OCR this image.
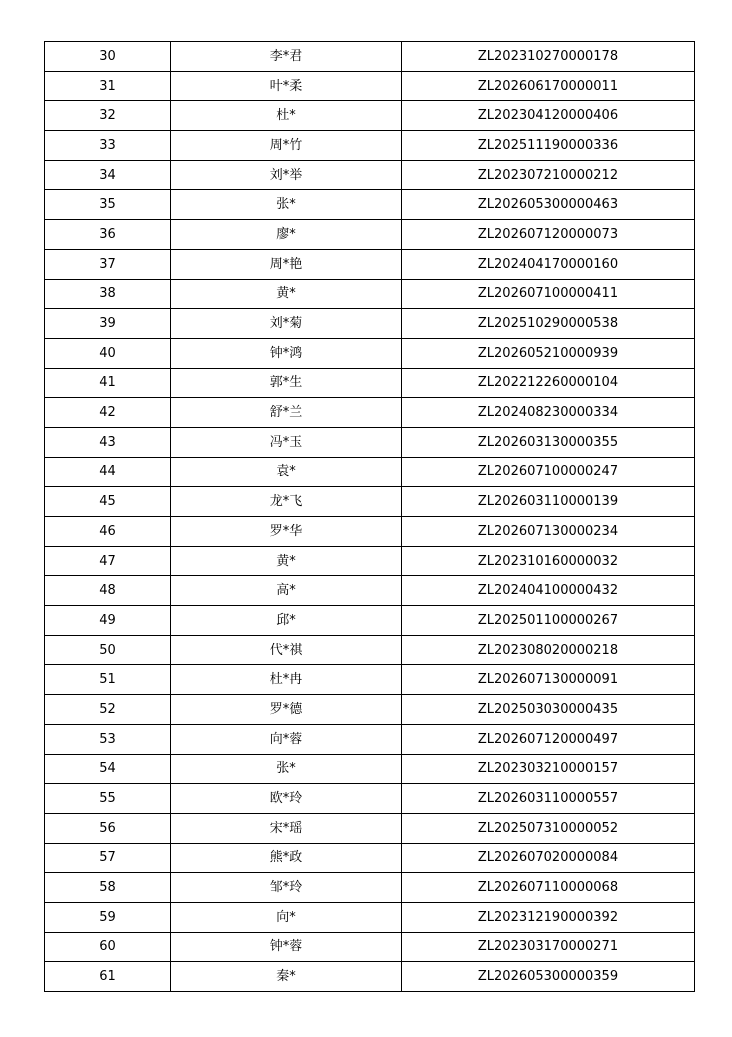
30	李*君	ZL202310270000178
31	叶*柔	ZL202606170000011
32	杜*	ZL202304120000406
33	周*竹	ZL202511190000336
34	刘*举	ZL202307210000212
35	张*	ZL202605300000463
36	廖*	ZL202607120000073
37	周*艳	ZL202404170000160
38	黄*	ZL202607100000411
39	刘*菊	ZL202510290000538
40	钟*鸿	ZL202605210000939
41	郭*生	ZL202212260000104
42	舒*兰	ZL202408230000334
43	冯*玉	ZL202603130000355
44	袁*	ZL202607100000247
45	龙*飞	ZL202603110000139
46	罗*华	ZL202607130000234
47	黄*	ZL202310160000032
48	高*	ZL202404100000432
49	邱*	ZL202501100000267
50	代*祺	ZL202308020000218
51	杜*冉	ZL202607130000091
52	罗*德	ZL202503030000435
53	向*蓉	ZL202607120000497
54	张*	ZL202303210000157
55	欧*玲	ZL202603110000557
56	宋*瑶	ZL202507310000052
57	熊*政	ZL202607020000084
58	邹*玲	ZL202607110000068
59	向*	ZL202312190000392
60	钟*蓉	ZL202303170000271
61	秦*	ZL202605300000359
